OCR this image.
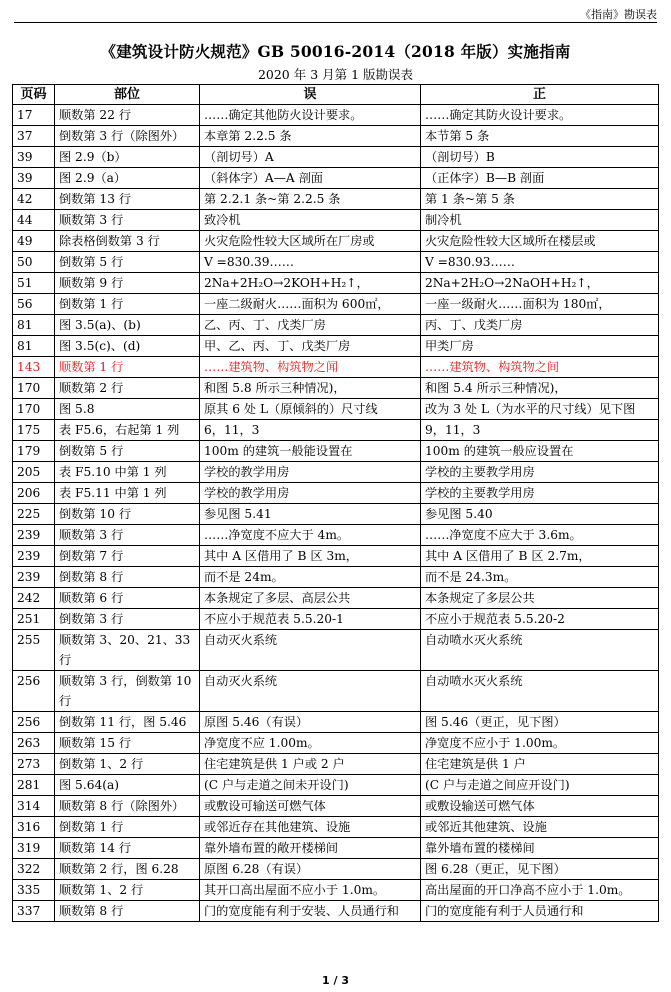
《指南》勘误表
《建筑设计防火规范》GB 50016-2014（2018 年版）实施指南
2020 年 3 月第 1 版勘误表
页码	部位	误	正
17	顺数第 22 行	……确定其他防火设计要求。	……确定其防火设计要求。
37	倒数第 3 行（除图外）	本章第 2.2.5 条	本节第 5 条
39	图 2.9（b）	（剖切号）A	（剖切号）B
39	图 2.9（a）	（斜体字）A—A 剖面	（正体字）B—B 剖面
42	倒数第 13 行	第 2.2.1 条~第 2.2.5 条	第 1 条~第 5 条
44	顺数第 3 行	致冷机	制冷机
49	除表格倒数第 3 行	火灾危险性较大区域所在厂房或	火灾危险性较大区域所在楼层或
50	倒数第 5 行	V =830.39……	V =830.93……
51	顺数第 9 行	2Na+2H₂O→2KOH+H₂↑，	2Na+2H₂O→2NaOH+H₂↑，
56	倒数第 1 行	一座二级耐火……面积为 600㎡，	一座一级耐火……面积为 180㎡，
81	图 3.5(a)、(b)	乙、丙、丁、戊类厂房	丙、丁、戊类厂房
81	图 3.5(c)、(d)	甲、乙、丙、丁、戊类厂房	甲类厂房
143	顺数第 1 行	……建筑物、构筑物之闻	……建筑物、构筑物之间
170	顺数第 2 行	和图 5.8 所示三种情况)，	和图 5.4 所示三种情况)，
170	图 5.8	原其 6 处 L（原倾斜的）尺寸线	改为 3 处 L（为水平的尺寸线）见下图
175	表 F5.6，右起第 1 列	6，11，3	9，11，3
179	倒数第 5 行	100m 的建筑一般能设置在	100m 的建筑一般应设置在
205	表 F5.10 中第 1 列	学校的教学用房	学校的主要教学用房
206	表 F5.11 中第 1 列	学校的教学用房	学校的主要教学用房
225	倒数第 10 行	参见图 5.41	参见图 5.40
239	顺数第 3 行	……净宽度不应大于 4m。	……净宽度不应大于 3.6m。
239	倒数第 7 行	其中 A 区借用了 B 区 3m，	其中 A 区借用了 B 区 2.7m，
239	倒数第 8 行	而不是 24m。	而不是 24.3m。
242	顺数第 6 行	本条规定了多层、高层公共	本条规定了多层公共
251	倒数第 3 行	不应小于规范表 5.5.20-1	不应小于规范表 5.5.20-2
255	顺数第 3、20、21、33 行	自动灭火系统	自动喷水灭火系统
256	顺数第 3 行，倒数第 10 行	自动灭火系统	自动喷水灭火系统
256	倒数第 11 行，图 5.46	原图 5.46（有误）	图 5.46（更正，见下图）
263	顺数第 15 行	净宽度不应 1.00m。	净宽度不应小于 1.00m。
273	倒数第 1、2 行	住宅建筑是供 1 户或 2 户	住宅建筑是供 1 户
281	图 5.64(a)	(C 户与走道之间未开设门)	(C 户与走道之间应开设门)
314	顺数第 8 行（除图外）	或敷设可输送可燃气体	或敷设输送可燃气体
316	倒数第 1 行	或邻近存在其他建筑、设施	或邻近其他建筑、设施
319	顺数第 14 行	靠外墙布置的敞开楼梯间	靠外墙布置的楼梯间
322	顺数第 2 行，图 6.28	原图 6.28（有误）	图 6.28（更正，见下图）
335	顺数第 1、2 行	其开口高出屋面不应小于 1.0m。	高出屋面的开口净高不应小于 1.0m。
337	顺数第 8 行	门的宽度能有利于安装、人员通行和	门的宽度能有利于人员通行和
1 / 3
